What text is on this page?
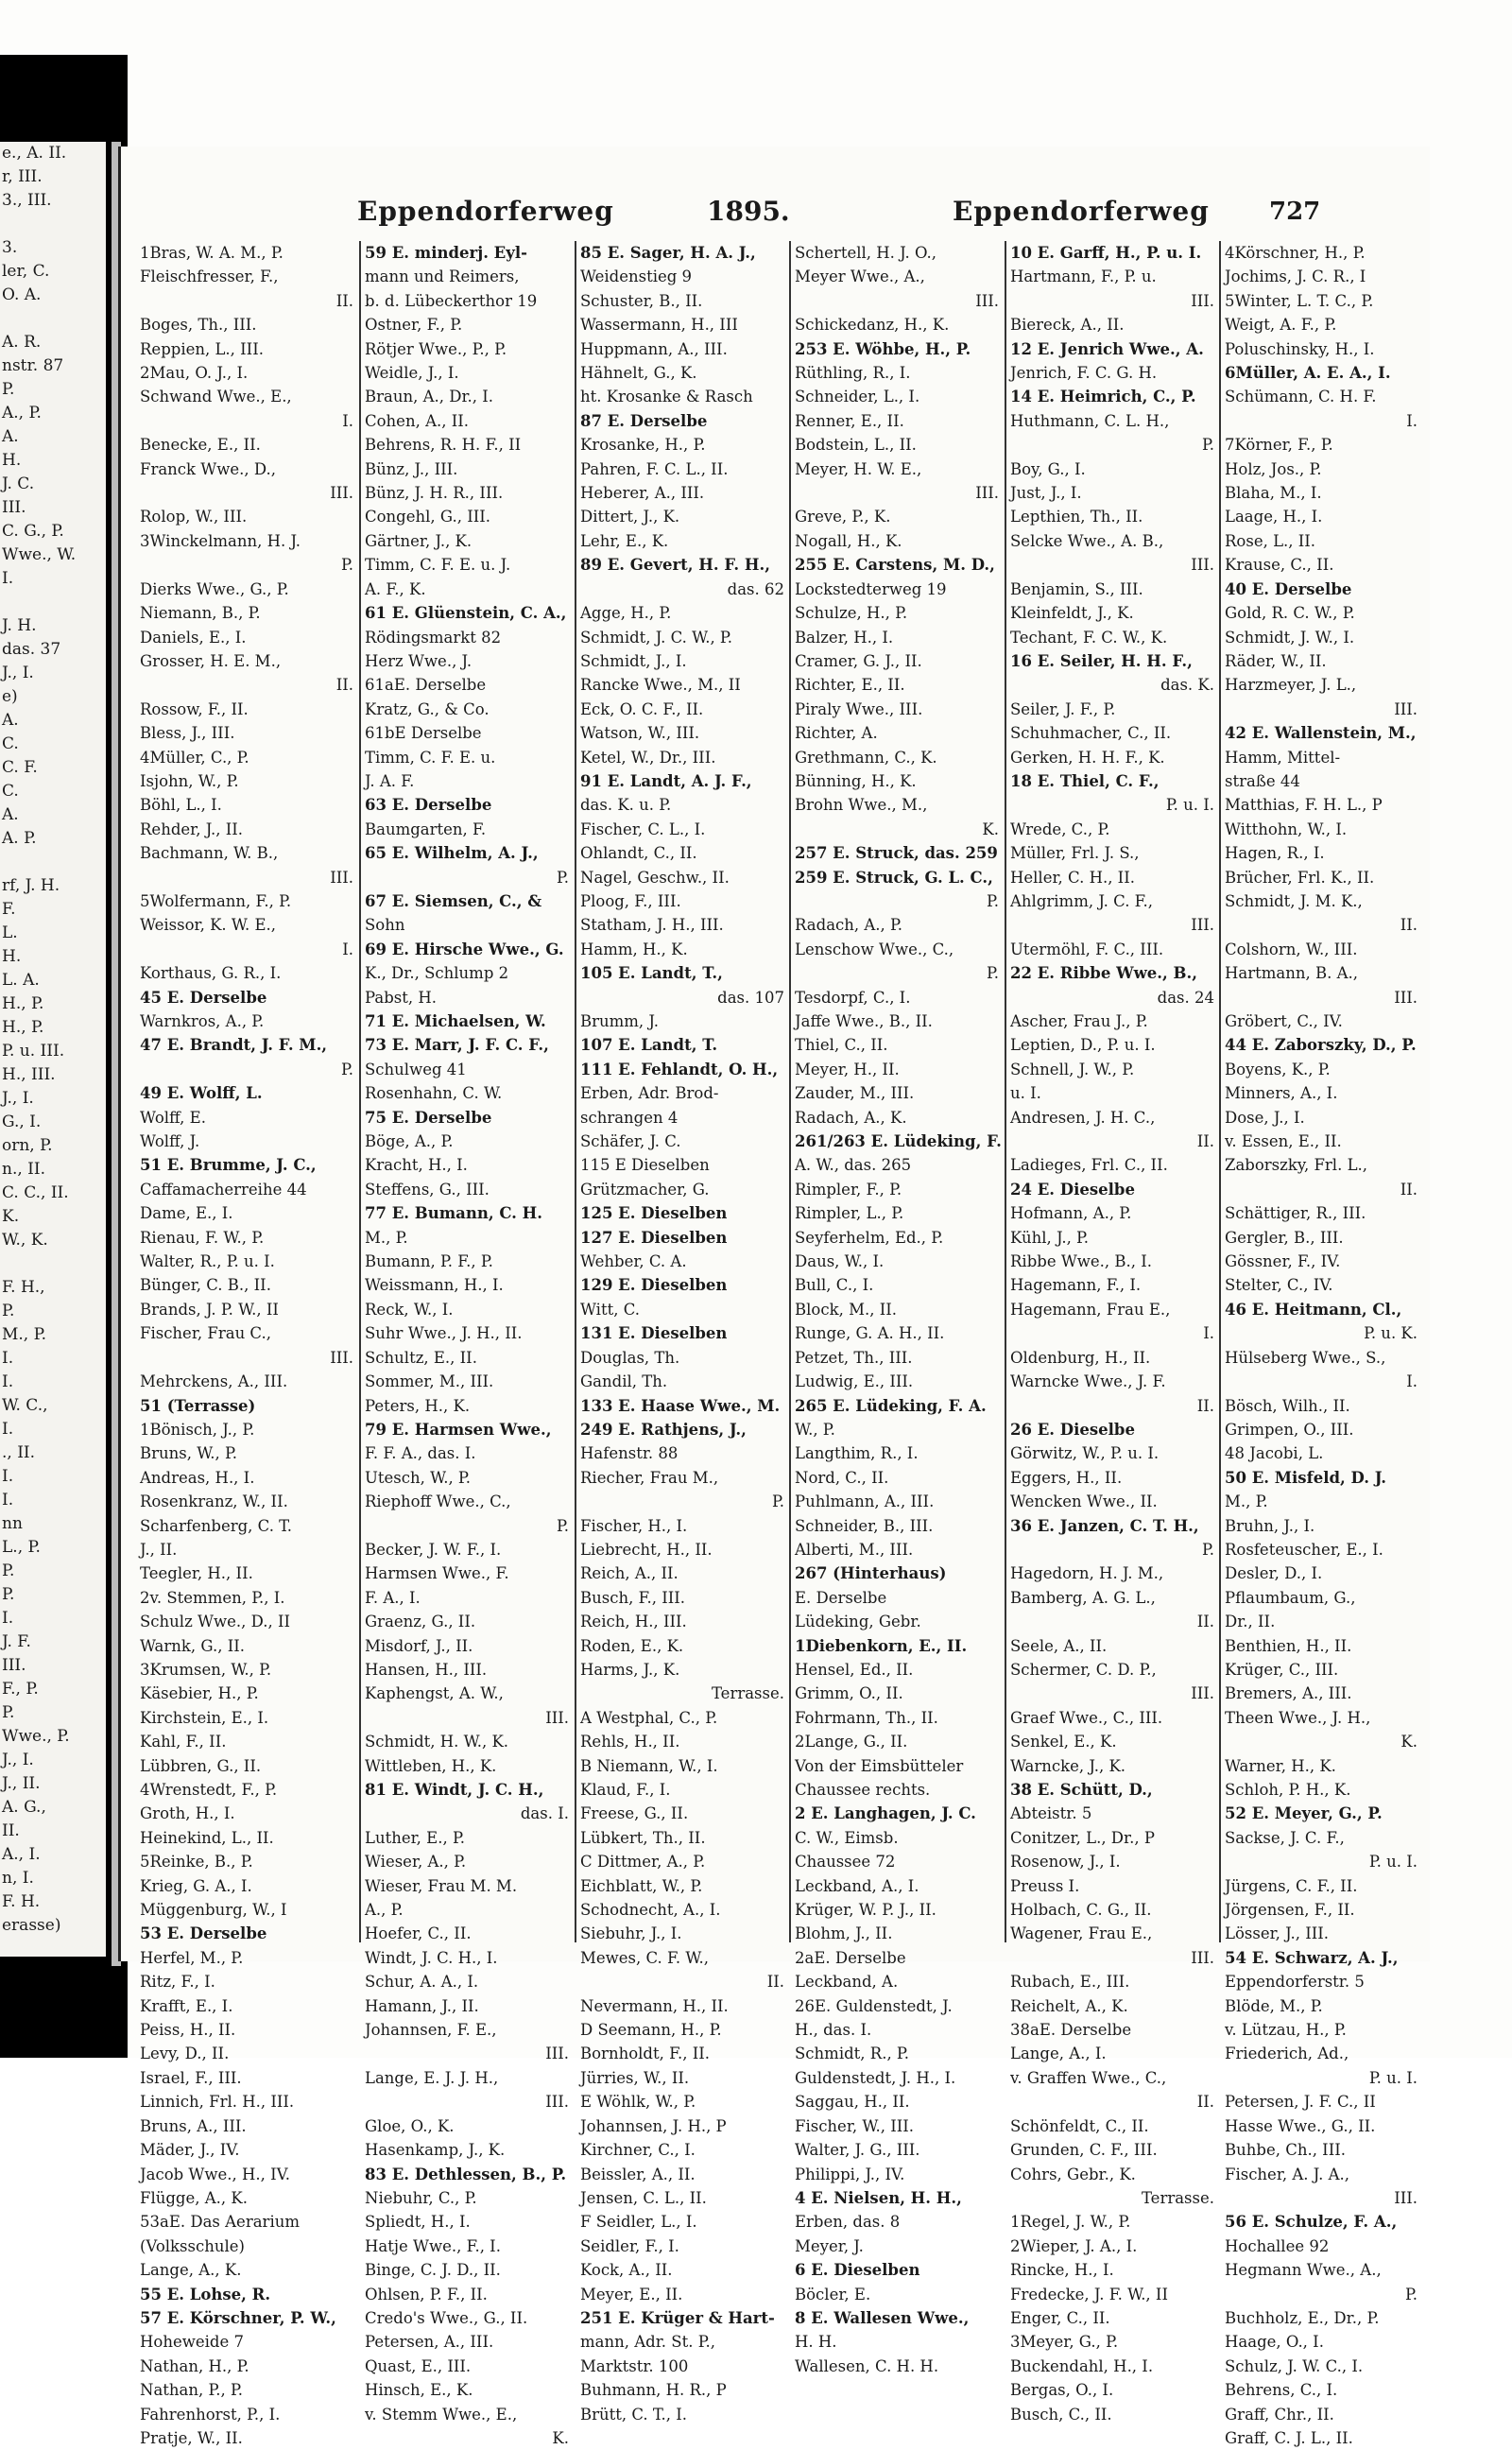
e., A. II.
r, III.
3., III.

3.
ler, C.
O. A.

A. R.
nstr. 87
P.
A., P.
A.
H.
J. C.
III.
C. G., P.
Wwe., W.
I.

J. H.
das. 37
J., I.
e)
A.
C.
C. F.
C.
A.
A. P.

rf, J. H.
F.
L.
H.
L. A.
H., P.
H., P.
P. u. III.
H., III.
J., I.
G., I.
orn, P.
n., II.
C. C., II.
K.
W., K.

F. H.,
P.
M., P.
I.
I.
W. C.,
I.
., II.
I.
I.
nn
L., P.
P.
P.
I.
J. F.
III.
F., P.
P.
Wwe., P.
J., I.
J., II.
A. G.,
II.
A., I.
n, I.
F. H.
erasse)
Eppendorferweg	1895.	Eppendorferweg 727
1Bras, W. A. M., P.
Fleischfresser, F.,
II.
Boges, Th., III.
Reppien, L., III.
2Mau, O. J., I.
Schwand Wwe., E.,
I.
Benecke, E., II.
Franck Wwe., D.,
III.
Rolop, W., III.
3Winckelmann, H. J.
P.
Dierks Wwe., G., P.
Niemann, B., P.
Daniels, E., I.
Grosser, H. E. M.,
II.
Rossow, F., II.
Bless, J., III.
4Müller, C., P.
Isjohn, W., P.
Böhl, L., I.
Rehder, J., II.
Bachmann, W. B.,
III.
5Wolfermann, F., P.
Weissor, K. W. E.,
I.
Korthaus, G. R., I.
45 E. Derselbe
Warnkros, A., P.
47 E. Brandt, J. F. M.,
P.
49 E. Wolff, L.
Wolff, E.
Wolff, J.
51 E. Brumme, J. C.,
Caffamacherreihe 44
Dame, E., I.
Rienau, F. W., P.
Walter, R., P. u. I.
Bünger, C. B., II.
Brands, J. P. W., II
Fischer, Frau C.,
III.
Mehrckens, A., III.
51 (Terrasse)
1Bönisch, J., P.
Bruns, W., P.
Andreas, H., I.
Rosenkranz, W., II.
Scharfenberg, C. T.
J., II.
Teegler, H., II.
2v. Stemmen, P., I.
Schulz Wwe., D., II
Warnk, G., II.
3Krumsen, W., P.
Käsebier, H., P.
Kirchstein, E., I.
Kahl, F., II.
Lübbren, G., II.
4Wrenstedt, F., P.
Groth, H., I.
Heinekind, L., II.
5Reinke, B., P.
Krieg, G. A., I.
Müggenburg, W., I
53 E. Derselbe
Herfel, M., P.
Ritz, F., I.
Krafft, E., I.
Peiss, H., II.
Levy, D., II.
Israel, F., III.
Linnich, Frl. H., III.
Bruns, A., III.
Mäder, J., IV.
Jacob Wwe., H., IV.
Flügge, A., K.
53aE. Das Aerarium
(Volksschule)
Lange, A., K.
55 E. Lohse, R.
57 E. Körschner, P. W.,
Hoheweide 7
Nathan, H., P.
Nathan, P., P.
Fahrenhorst, P., I.
Pratje, W., II.
59 E. minderj. Eyl-
mann und Reimers,
b. d. Lübeckerthor 19
Ostner, F., P.
Rötjer Wwe., P., P.
Weidle, J., I.
Braun, A., Dr., I.
Cohen, A., II.
Behrens, R. H. F., II
Bünz, J., III.
Bünz, J. H. R., III.
Congehl, G., III.
Gärtner, J., K.
Timm, C. F. E. u. J.
A. F., K.
61 E. Glüenstein, C. A.,
Rödingsmarkt 82
Herz Wwe., J.
61aE. Derselbe
Kratz, G., & Co.
61bE Derselbe
Timm, C. F. E. u.
J. A. F.
63 E. Derselbe
Baumgarten, F.
65 E. Wilhelm, A. J.,
P.
67 E. Siemsen, C., &
Sohn
69 E. Hirsche Wwe., G.
K., Dr., Schlump 2
Pabst, H.
71 E. Michaelsen, W.
73 E. Marr, J. F. C. F.,
Schulweg 41
Rosenhahn, C. W.
75 E. Derselbe
Böge, A., P.
Kracht, H., I.
Steffens, G., III.
77 E. Bumann, C. H.
M., P.
Bumann, P. F., P.
Weissmann, H., I.
Reck, W., I.
Suhr Wwe., J. H., II.
Schultz, E., II.
Sommer, M., III.
Peters, H., K.
79 E. Harmsen Wwe.,
F. F. A., das. I.
Utesch, W., P.
Riephoff Wwe., C.,
P.
Becker, J. W. F., I.
Harmsen Wwe., F.
F. A., I.
Graenz, G., II.
Misdorf, J., II.
Hansen, H., III.
Kaphengst, A. W.,
III.
Schmidt, H. W., K.
Wittleben, H., K.
81 E. Windt, J. C. H.,
das. I.
Luther, E., P.
Wieser, A., P.
Wieser, Frau M. M.
A., P.
Hoefer, C., II.
Windt, J. C. H., I.
Schur, A. A., I.
Hamann, J., II.
Johannsen, F. E.,
III.
Lange, E. J. J. H.,
III.
Gloe, O., K.
Hasenkamp, J., K.
83 E. Dethlessen, B., P.
Niebuhr, C., P.
Spliedt, H., I.
Hatje Wwe., F., I.
Binge, C. J. D., II.
Ohlsen, P. F., II.
Credo's Wwe., G., II.
Petersen, A., III.
Quast, E., III.
Hinsch, E., K.
v. Stemm Wwe., E.,
K.
85 E. Sager, H. A. J.,
Weidenstieg 9
Schuster, B., II.
Wassermann, H., III
Huppmann, A., III.
Hähnelt, G., K.
ht. Krosanke & Rasch
87 E. Derselbe
Krosanke, H., P.
Pahren, F. C. L., II.
Heberer, A., III.
Dittert, J., K.
Lehr, E., K.
89 E. Gevert, H. F. H.,
das. 62
Agge, H., P.
Schmidt, J. C. W., P.
Schmidt, J., I.
Rancke Wwe., M., II
Eck, O. C. F., II.
Watson, W., III.
Ketel, W., Dr., III.
91 E. Landt, A. J. F.,
das. K. u. P.
Fischer, C. L., I.
Ohlandt, C., II.
Nagel, Geschw., II.
Ploog, F., III.
Statham, J. H., III.
Hamm, H., K.
105 E. Landt, T.,
das. 107
Brumm, J.
107 E. Landt, T.
111 E. Fehlandt, O. H.,
Erben, Adr. Brod-
schrangen 4
Schäfer, J. C.
115 E Dieselben
Grützmacher, G.
125 E. Dieselben
127 E. Dieselben
Wehber, C. A.
129 E. Dieselben
Witt, C.
131 E. Dieselben
Douglas, Th.
Gandil, Th.
133 E. Haase Wwe., M.
249 E. Rathjens, J.,
Hafenstr. 88
Riecher, Frau M.,
P.
Fischer, H., I.
Liebrecht, H., II.
Reich, A., II.
Busch, F., III.
Reich, H., III.
Roden, E., K.
Harms, J., K.
Terrasse.
A Westphal, C., P.
Rehls, H., II.
B Niemann, W., I.
Klaud, F., I.
Freese, G., II.
Lübkert, Th., II.
C Dittmer, A., P.
Eichblatt, W., P.
Schodnecht, A., I.
Siebuhr, J., I.
Mewes, C. F. W.,
II.
Nevermann, H., II.
D Seemann, H., P.
Bornholdt, F., II.
Jürries, W., II.
E Wöhlk, W., P.
Johannsen, J. H., P
Kirchner, C., I.
Beissler, A., II.
Jensen, C. L., II.
F Seidler, L., I.
Seidler, F., I.
Kock, A., II.
Meyer, E., II.
251 E. Krüger & Hart-
mann, Adr. St. P.,
Marktstr. 100
Buhmann, H. R., P
Brütt, C. T., I.
Schertell, H. J. O.,
Meyer Wwe., A.,
III.
Schickedanz, H., K.
253 E. Wöhbe, H., P.
Rüthling, R., I.
Schneider, L., I.
Renner, E., II.
Bodstein, L., II.
Meyer, H. W. E.,
III.
Greve, P., K.
Nogall, H., K.
255 E. Carstens, M. D.,
Lockstedterweg 19
Schulze, H., P.
Balzer, H., I.
Cramer, G. J., II.
Richter, E., II.
Piraly Wwe., III.
Richter, A.
Grethmann, C., K.
Bünning, H., K.
Brohn Wwe., M.,
K.
257 E. Struck, das. 259
259 E. Struck, G. L. C.,
P.
Radach, A., P.
Lenschow Wwe., C.,
P.
Tesdorpf, C., I.
Jaffe Wwe., B., II.
Thiel, C., II.
Meyer, H., II.
Zauder, M., III.
Radach, A., K.
261/263 E. Lüdeking, F.
A. W., das. 265
Rimpler, F., P.
Rimpler, L., P.
Seyferhelm, Ed., P.
Daus, W., I.
Bull, C., I.
Block, M., II.
Runge, G. A. H., II.
Petzet, Th., III.
Ludwig, E., III.
265 E. Lüdeking, F. A.
W., P.
Langthim, R., I.
Nord, C., II.
Puhlmann, A., III.
Schneider, B., III.
Alberti, M., III.
267 (Hinterhaus)
E. Derselbe
Lüdeking, Gebr.
1Diebenkorn, E., II.
Hensel, Ed., II.
Grimm, O., II.
Fohrmann, Th., II.
2Lange, G., II.
Von der Eimsbütteler
Chaussee rechts.
2 E. Langhagen, J. C.
C. W., Eimsb.
Chaussee 72
Leckband, A., I.
Krüger, W. P. J., II.
Blohm, J., II.
2aE. Derselbe
Leckband, A.
26E. Guldenstedt, J.
H., das. I.
Schmidt, R., P.
Guldenstedt, J. H., I.
Saggau, H., II.
Fischer, W., III.
Walter, J. G., III.
Philippi, J., IV.
4 E. Nielsen, H. H.,
Erben, das. 8
Meyer, J.
6 E. Dieselben
Böcler, E.
8 E. Wallesen Wwe.,
H. H.
Wallesen, C. H. H.
10 E. Garff, H., P. u. I.
Hartmann, F., P. u.
III.
Biereck, A., II.
12 E. Jenrich Wwe., A.
Jenrich, F. C. G. H.
14 E. Heimrich, C., P.
Huthmann, C. L. H.,
P.
Boy, G., I.
Just, J., I.
Lepthien, Th., II.
Selcke Wwe., A. B.,
III.
Benjamin, S., III.
Kleinfeldt, J., K.
Techant, F. C. W., K.
16 E. Seiler, H. H. F.,
das. K.
Seiler, J. F., P.
Schuhmacher, C., II.
Gerken, H. H. F., K.
18 E. Thiel, C. F.,
P. u. I.
Wrede, C., P.
Müller, Frl. J. S.,
Heller, C. H., II.
Ahlgrimm, J. C. F.,
III.
Utermöhl, F. C., III.
22 E. Ribbe Wwe., B.,
das. 24
Ascher, Frau J., P.
Leptien, D., P. u. I.
Schnell, J. W., P.
u. I.
Andresen, J. H. C.,
II.
Ladieges, Frl. C., II.
24 E. Dieselbe
Hofmann, A., P.
Kühl, J., P.
Ribbe Wwe., B., I.
Hagemann, F., I.
Hagemann, Frau E.,
I.
Oldenburg, H., II.
Warncke Wwe., J. F.
II.
26 E. Dieselbe
Görwitz, W., P. u. I.
Eggers, H., II.
Wencken Wwe., II.
36 E. Janzen, C. T. H.,
P.
Hagedorn, H. J. M.,
Bamberg, A. G. L.,
II.
Seele, A., II.
Schermer, C. D. P.,
III.
Graef Wwe., C., III.
Senkel, E., K.
Warncke, J., K.
38 E. Schütt, D.,
Abteistr. 5
Conitzer, L., Dr., P
Rosenow, J., I.
Preuss I.
Holbach, C. G., II.
Wagener, Frau E.,
III.
Rubach, E., III.
Reichelt, A., K.
38aE. Derselbe
Lange, A., I.
v. Graffen Wwe., C.,
II.
Schönfeldt, C., II.
Grunden, C. F., III.
Cohrs, Gebr., K.
Terrasse.
1Regel, J. W., P.
2Wieper, J. A., I.
Rincke, H., I.
Fredecke, J. F. W., II
Enger, C., II.
3Meyer, G., P.
Buckendahl, H., I.
Bergas, O., I.
Busch, C., II.
4Körschner, H., P.
Jochims, J. C. R., I
5Winter, L. T. C., P.
Weigt, A. F., P.
Poluschinsky, H., I.
6Müller, A. E. A., I.
Schümann, C. H. F.
I.
7Körner, F., P.
Holz, Jos., P.
Blaha, M., I.
Laage, H., I.
Rose, L., II.
Krause, C., II.
40 E. Derselbe
Gold, R. C. W., P.
Schmidt, J. W., I.
Räder, W., II.
Harzmeyer, J. L.,
III.
42 E. Wallenstein, M.,
Hamm, Mittel-
straße 44
Matthias, F. H. L., P
Witthohn, W., I.
Hagen, R., I.
Brücher, Frl. K., II.
Schmidt, J. M. K.,
II.
Colshorn, W., III.
Hartmann, B. A.,
III.
Gröbert, C., IV.
44 E. Zaborszky, D., P.
Boyens, K., P.
Minners, A., I.
Dose, J., I.
v. Essen, E., II.
Zaborszky, Frl. L.,
II.
Schättiger, R., III.
Gergler, B., III.
Gössner, F., IV.
Stelter, C., IV.
46 E. Heitmann, Cl.,
P. u. K.
Hülseberg Wwe., S.,
I.
Bösch, Wilh., II.
Grimpen, O., III.
48 Jacobi, L.
50 E. Misfeld, D. J.
M., P.
Bruhn, J., I.
Rosfeteuscher, E., I.
Desler, D., I.
Pflaumbaum, G.,
Dr., II.
Benthien, H., II.
Krüger, C., III.
Bremers, A., III.
Theen Wwe., J. H.,
K.
Warner, H., K.
Schloh, P. H., K.
52 E. Meyer, G., P.
Sackse, J. C. F.,
P. u. I.
Jürgens, C. F., II.
Jörgensen, F., II.
Lösser, J., III.
54 E. Schwarz, A. J.,
Eppendorferstr. 5
Blöde, M., P.
v. Lützau, H., P.
Friederich, Ad.,
P. u. I.
Petersen, J. F. C., II
Hasse Wwe., G., II.
Buhbe, Ch., III.
Fischer, A. J. A.,
III.
56 E. Schulze, F. A.,
Hochallee 92
Hegmann Wwe., A.,
P.
Buchholz, E., Dr., P.
Haage, O., I.
Schulz, J. W. C., I.
Behrens, C., I.
Graff, Chr., II.
Graff, C. J. L., II.
